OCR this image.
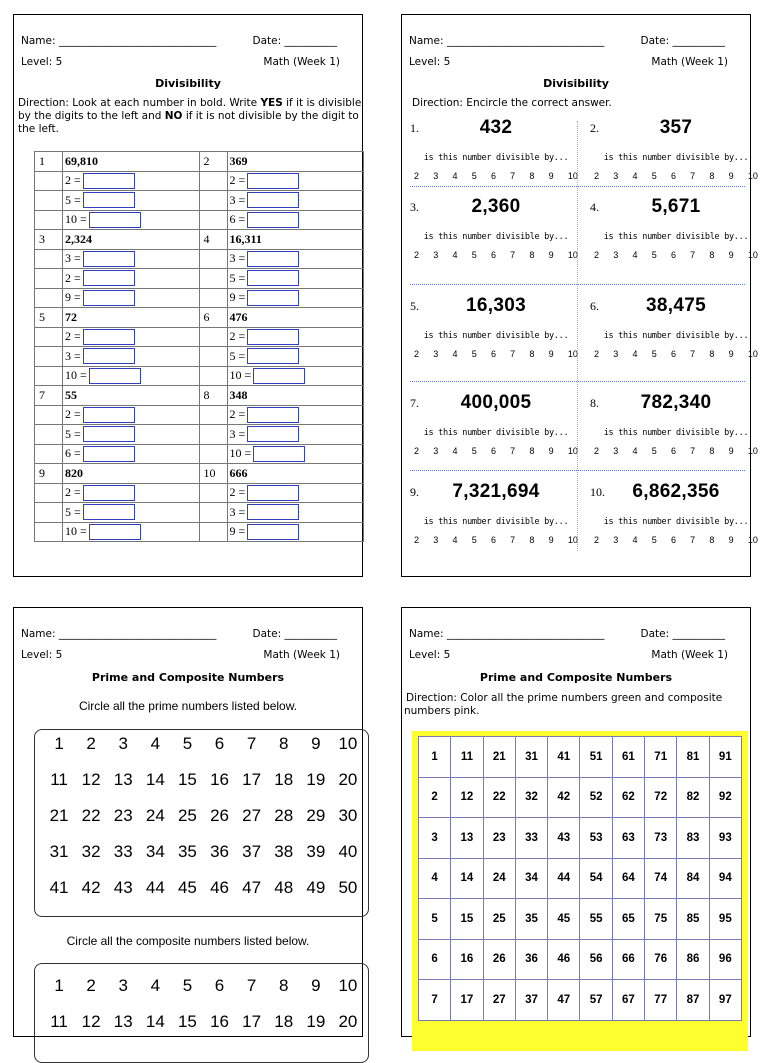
Name: ______________________________	Date: __________
Level: 5	Math (Week 1)
Divisibility
Direction: Look at each number in bold. Write YES if it is divisible by the digits to the left and NO if it is not divisible by the digit to the left.
1	69,810	2	369

	2 =		2 =

	5 =		3 =

	10 =		6 =

3	2,324	4	16,311

	3 =		3 =

	2 =		5 =

	9 =		9 =

5	72	6	476

	2 =		2 =

	3 =		5 =

	10 =		10 =

7	55	8	348

	2 =		2 =

	5 =		3 =

	6 =		10 =

9	820	10	666

	2 =		2 =

	5 =		3 =

	10 =		9 =
Name: ______________________________	Date: __________
Level: 5	Math (Week 1)
Divisibility
Direction: Encircle the correct answer.
1.	432
is this number divisible by...
2 3 4 5 6 7 8 9 10
2.	357
is this number divisible by...
2 3 4 5 6 7 8 9 10
3.	2,360
is this number divisible by...
2 3 4 5 6 7 8 9 10
4.	5,671
is this number divisible by...
2 3 4 5 6 7 8 9 10
5.	16,303
is this number divisible by...
2 3 4 5 6 7 8 9 10
6.	38,475
is this number divisible by...
2 3 4 5 6 7 8 9 10
7.	400,005
is this number divisible by...
2 3 4 5 6 7 8 9 10
8.	782,340
is this number divisible by...
2 3 4 5 6 7 8 9 10
9.	7,321,694
is this number divisible by...
2 3 4 5 6 7 8 9 10
10.	6,862,356
is this number divisible by...
2 3 4 5 6 7 8 9 10
Name: ______________________________	Date: __________
Level: 5	Math (Week 1)
Prime and Composite Numbers
Circle all the prime numbers listed below.
1	2	3	4	5	6	7	8	9	10
11 12 13 14 15 16 17 18 19 20
21 22 23 24 25 26 27 28 29 30
31 32 33 34 35 36 37 38 39 40
41 42 43 44 45 46 47 48 49 50
Circle all the composite numbers listed below.
1	2	3	4	5	6	7	8	9	10
11 12 13 14 15 16 17 18 19 20
Name: ______________________________	Date: __________
Level: 5	Math (Week 1)
Prime and Composite Numbers
Direction: Color all the prime numbers green and composite numbers pink.
1	11	21	31	41	51	61	71	81	91
2	12	22	32	42	52	62	72	82	92
3	13	23	33	43	53	63	73	83	93
4	14	24	34	44	54	64	74	84	94
5	15	25	35	45	55	65	75	85	95
6	16	26	36	46	56	66	76	86	96
7	17	27	37	47	57	67	77	87	97
